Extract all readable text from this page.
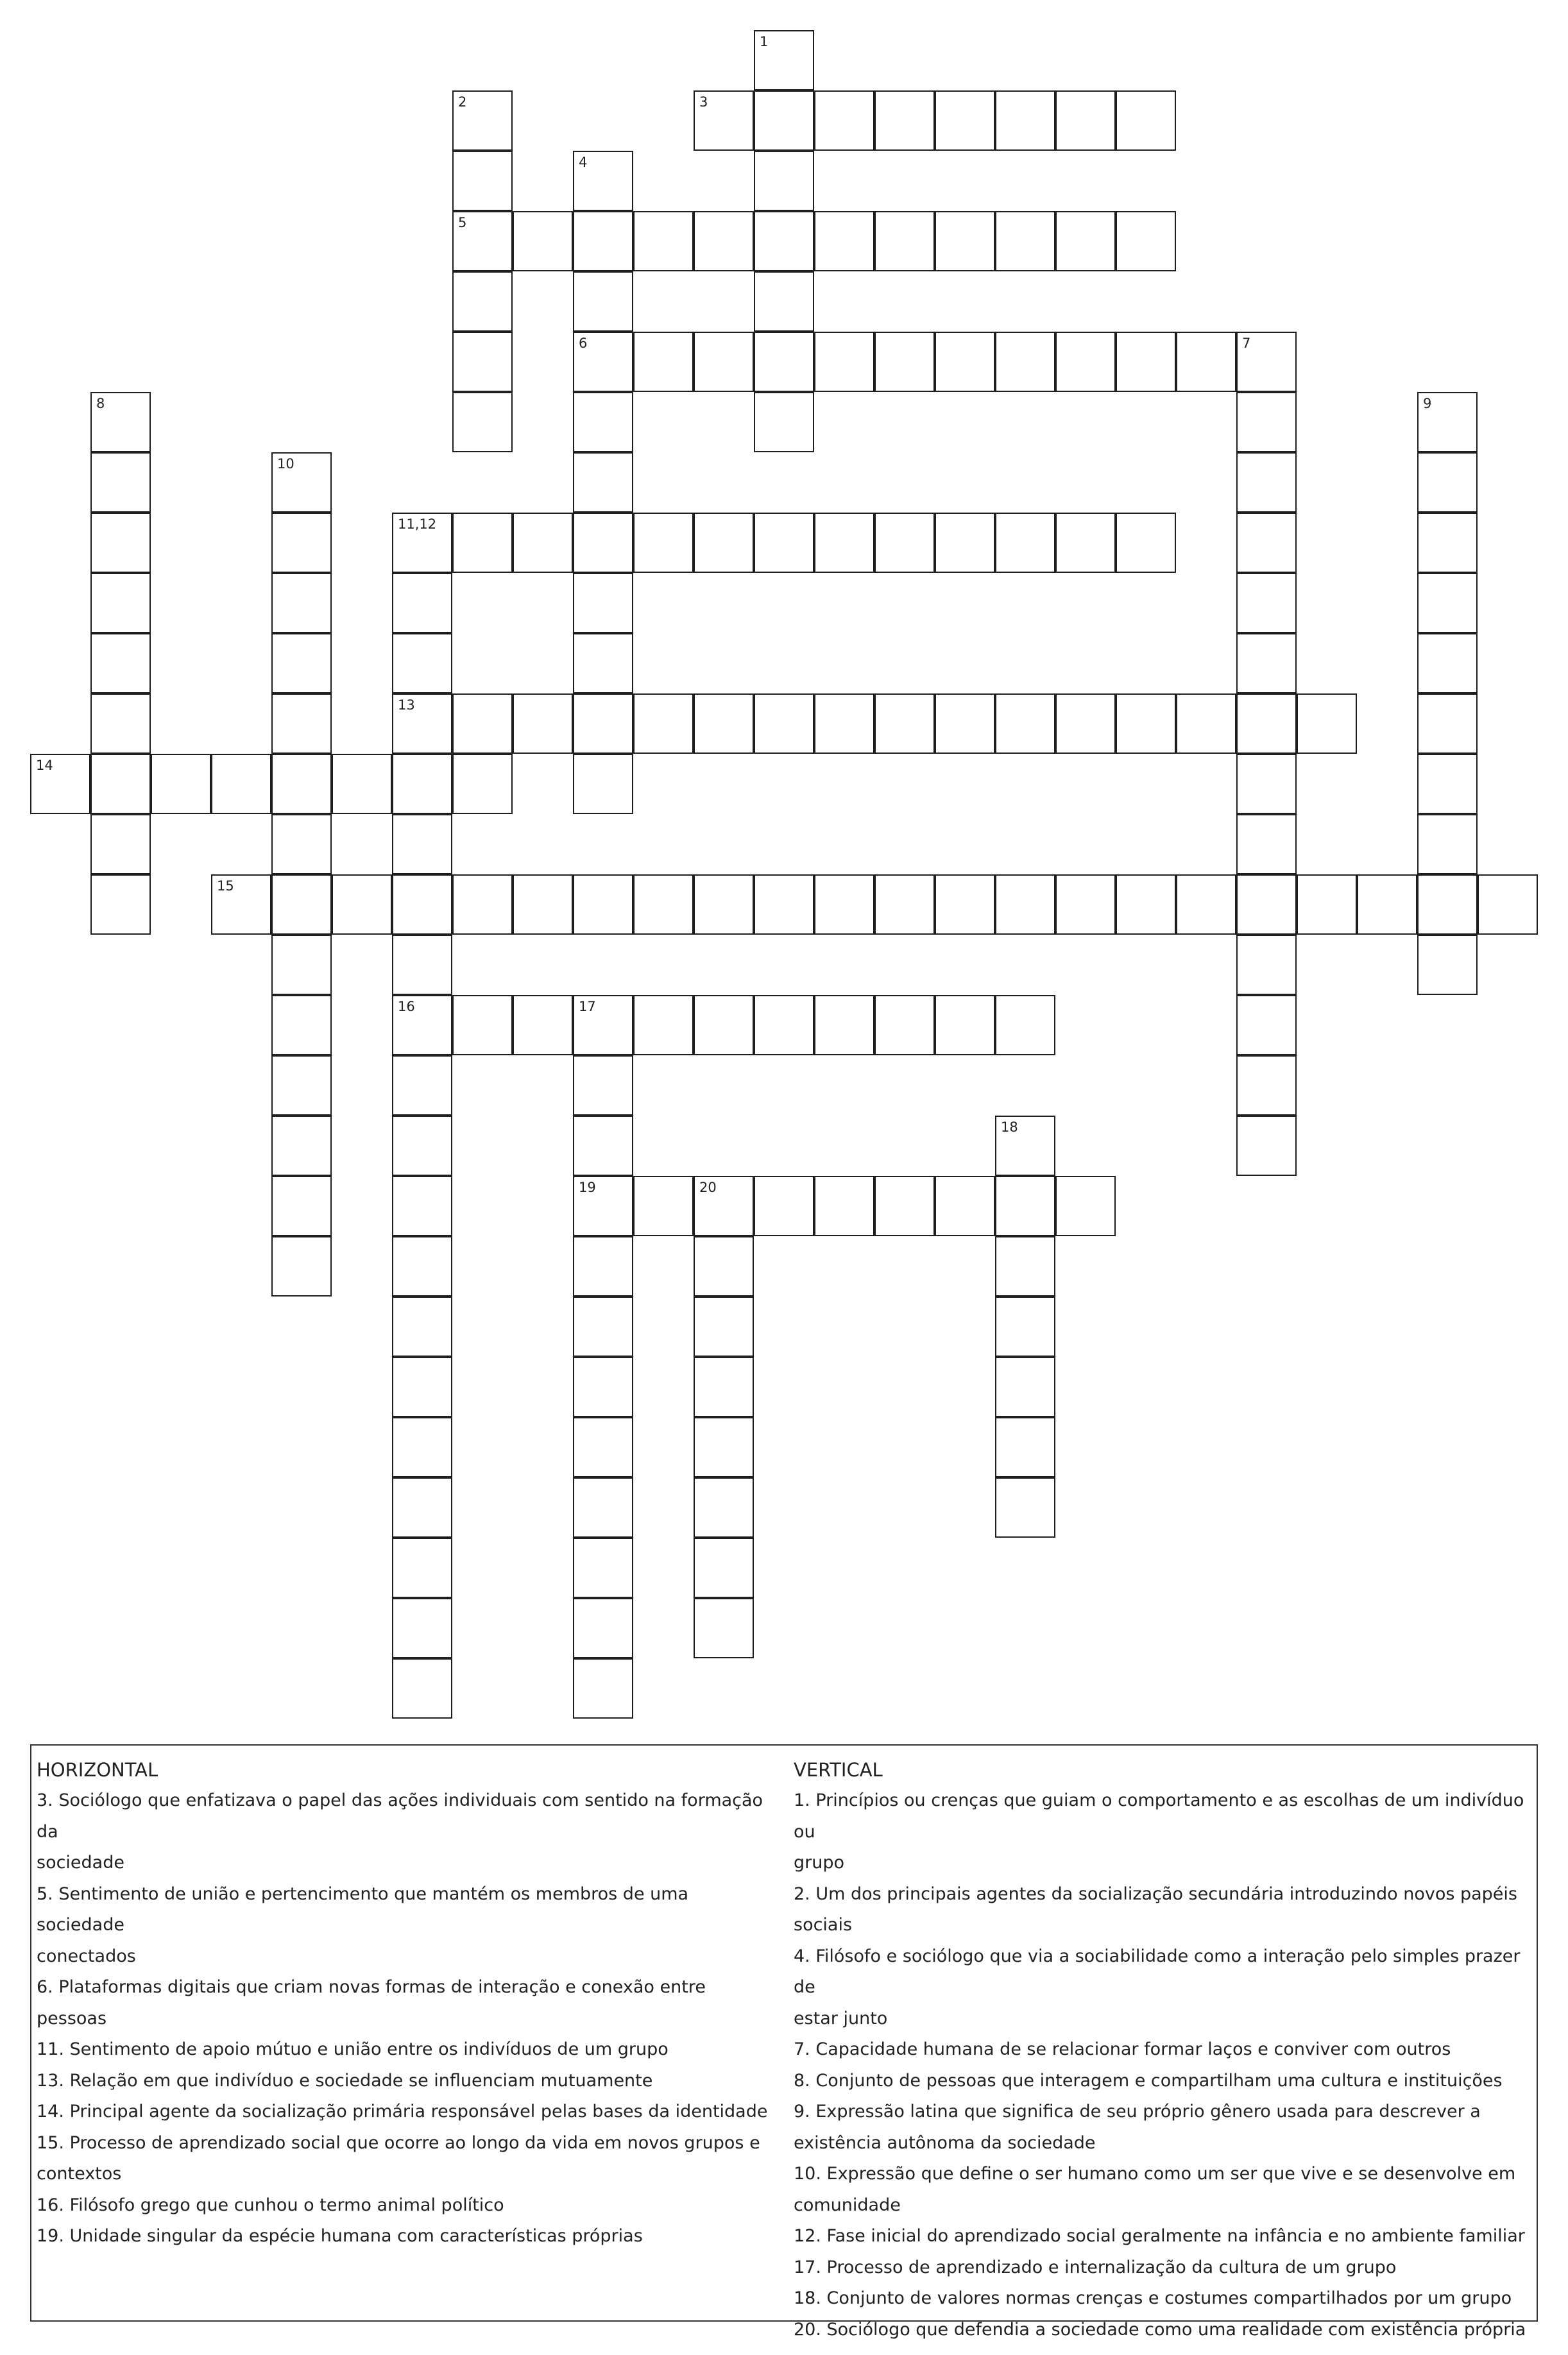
1
2
5
3
4
6	7
8	9
10
11,12
13
14
15
16	17
19
18
20

HORIZONTAL

3. Sociólogo que enfatizava o papel das ações individuais com sentido na formação da

sociedade

5. Sentimento de união e pertencimento que mantém os membros de uma sociedade

conectados

6. Plataformas digitais que criam novas formas de interação e conexão entre pessoas

11. Sentimento de apoio mútuo e união entre os indivíduos de um grupo

13. Relação em que indivíduo e sociedade se influenciam mutuamente

14. Principal agente da socialização primária responsável pelas bases da identidade

15. Processo de aprendizado social que ocorre ao longo da vida em novos grupos e

contextos

16. Filósofo grego que cunhou o termo animal político

19. Unidade singular da espécie humana com características próprias

VERTICAL

1. Princípios ou crenças que guiam o comportamento e as escolhas de um indivíduo ou

grupo

2. Um dos principais agentes da socialização secundária introduzindo novos papéis

sociais

4. Filósofo e sociólogo que via a sociabilidade como a interação pelo simples prazer de

estar junto

7. Capacidade humana de se relacionar formar laços e conviver com outros

8. Conjunto de pessoas que interagem e compartilham uma cultura e instituições

9. Expressão latina que significa de seu próprio gênero usada para descrever a

existência autônoma da sociedade

10. Expressão que define o ser humano como um ser que vive e se desenvolve em

comunidade

12. Fase inicial do aprendizado social geralmente na infância e no ambiente familiar

17. Processo de aprendizado e internalização da cultura de um grupo

18. Conjunto de valores normas crenças e costumes compartilhados por um grupo

20. Sociólogo que defendia a sociedade como uma realidade com existência própria
